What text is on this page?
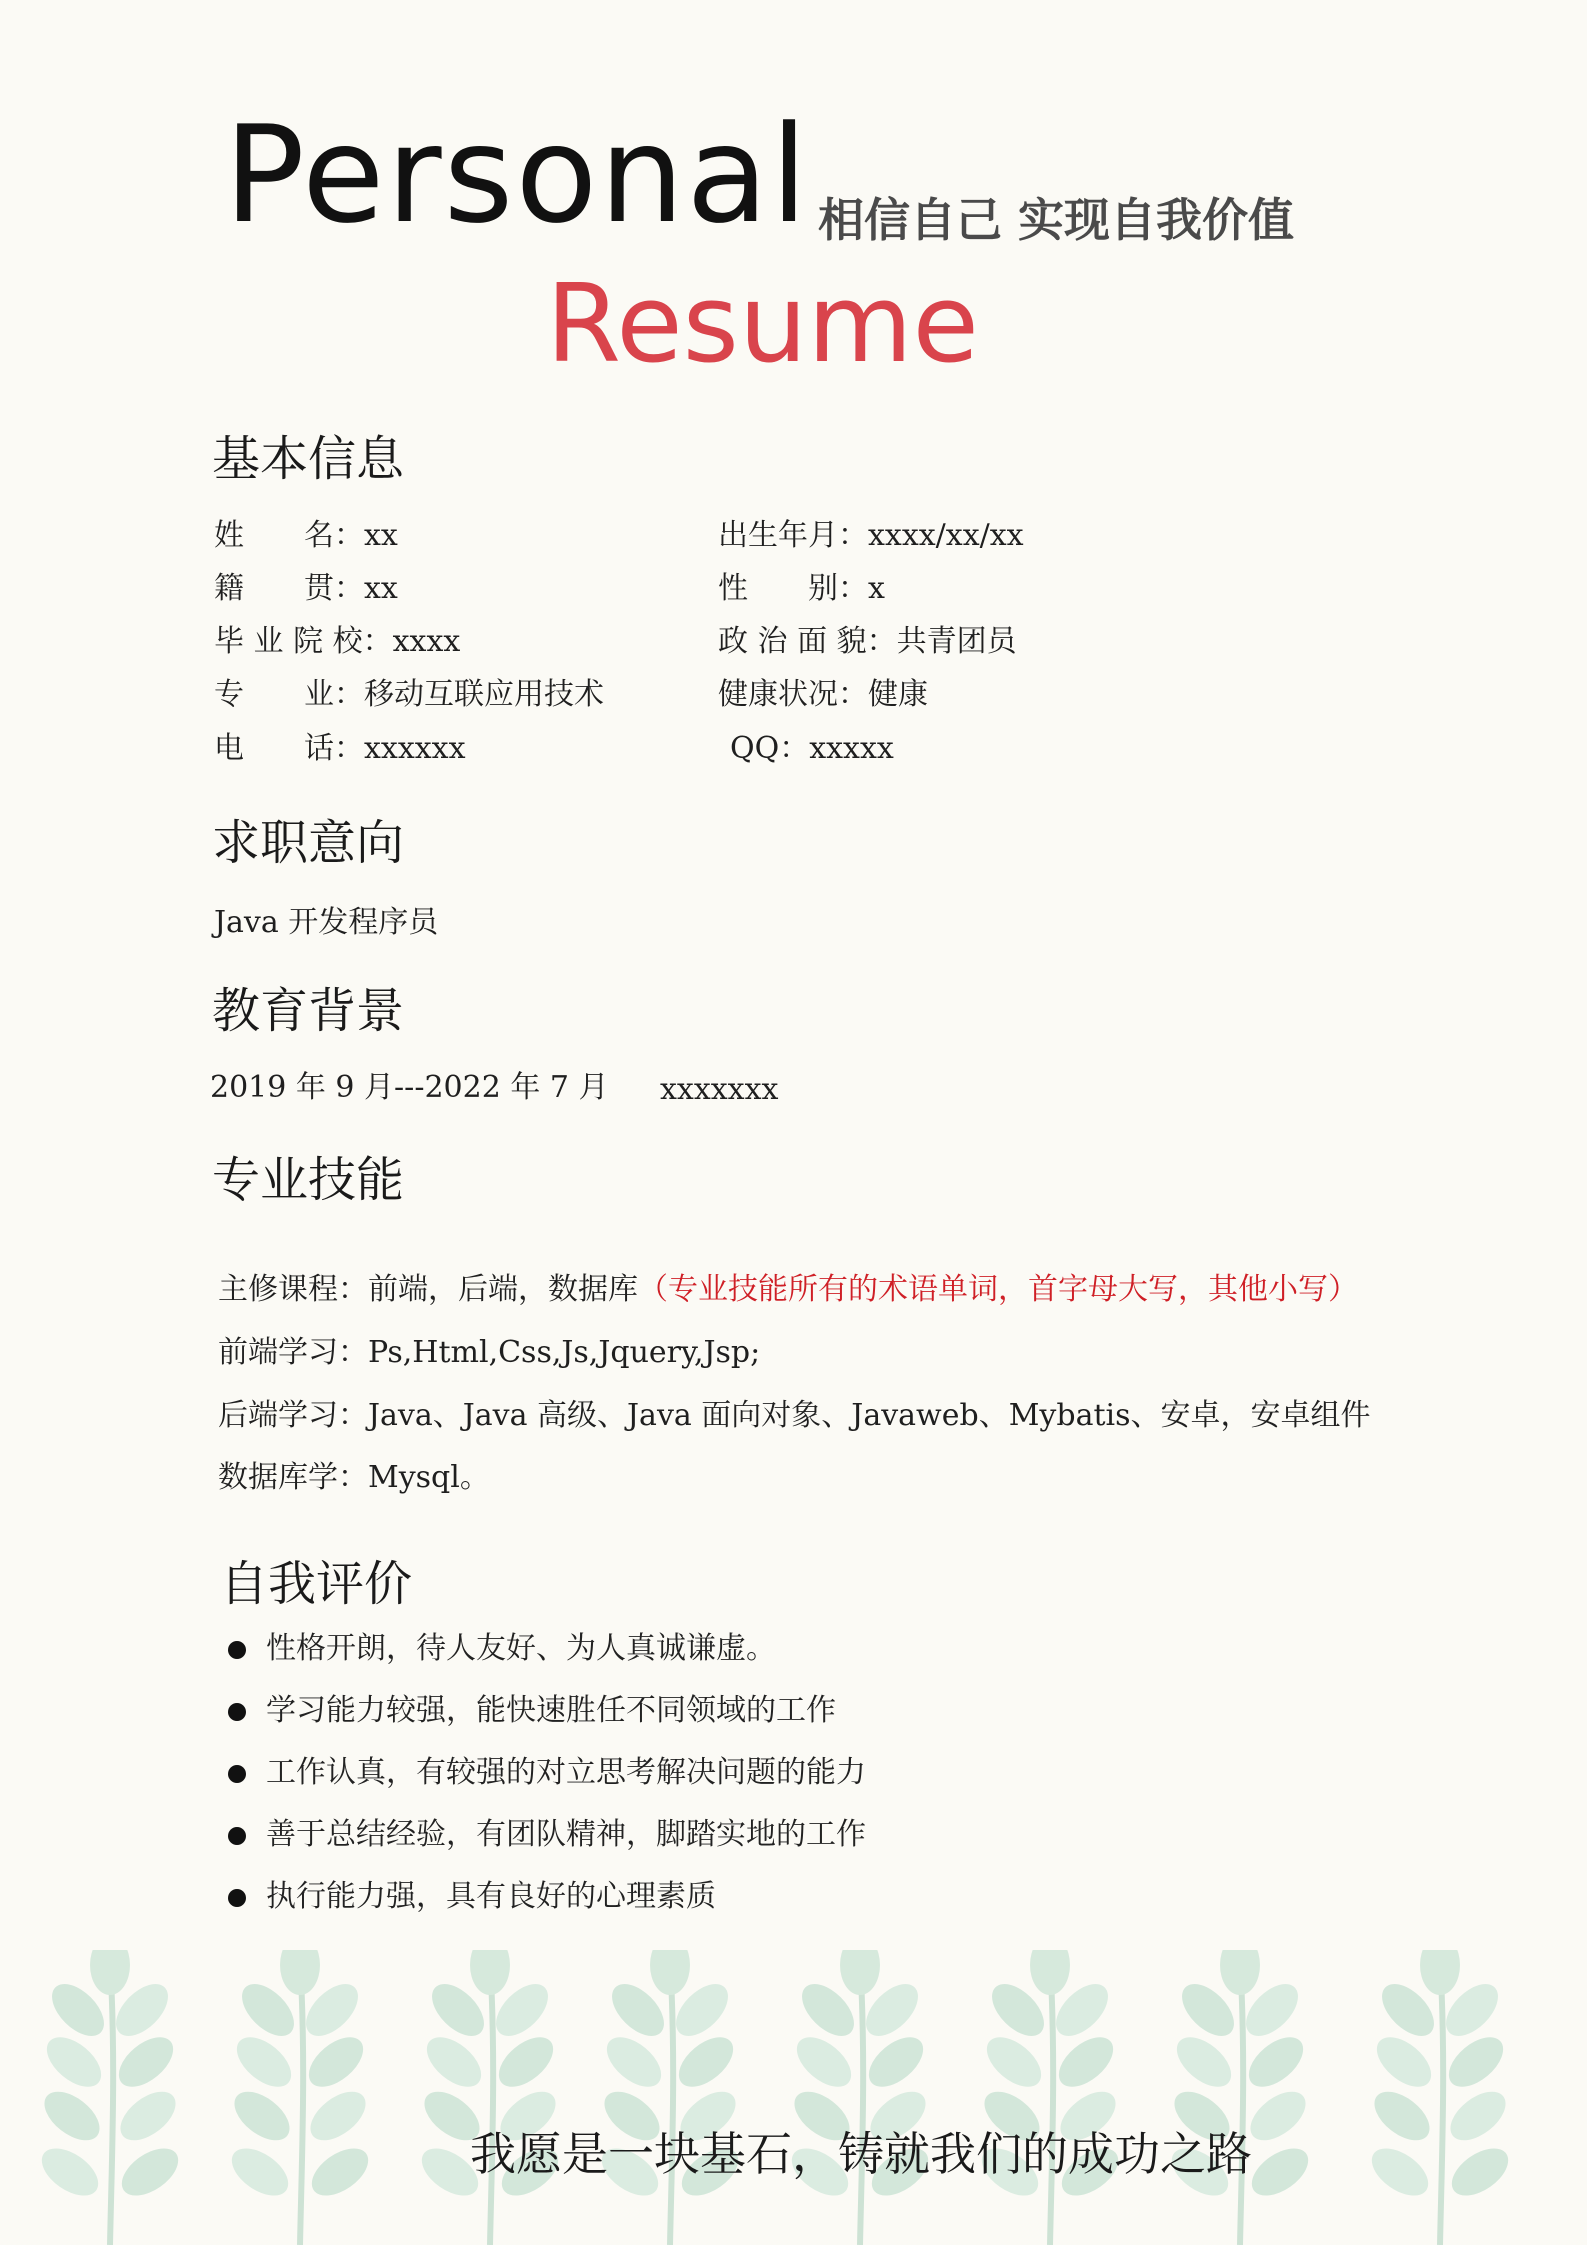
Personal 相信自己 实现自我价值
Resume
基本信息
姓　　名：xx	出生年月：xxxx/xx/xx
籍　　贯：xx	性　　别：x
毕 业 院 校：xxxx	政 治 面 貌：共青团员
专　　业：移动互联应用技术	健康状况：健康
电　　话：xxxxxx	QQ：xxxxx
求职意向
Java 开发程序员
教育背景
2019 年 9 月---2022 年 7 月 xxxxxxx
专业技能
主修课程：前端，后端，数据库（专业技能所有的术语单词，首字母大写，其他小写）
前端学习：Ps,Html,Css,Js,Jquery,Jsp;
后端学习：Java、Java 高级、Java 面向对象、Javaweb、Mybatis、安卓，安卓组件
数据库学：Mysql。
自我评价
性格开朗，待人友好、为人真诚谦虚。
学习能力较强，能快速胜任不同领域的工作
工作认真，有较强的对立思考解决问题的能力
善于总结经验，有团队精神，脚踏实地的工作
执行能力强，具有良好的心理素质
我愿是一块基石，铸就我们的成功之路
